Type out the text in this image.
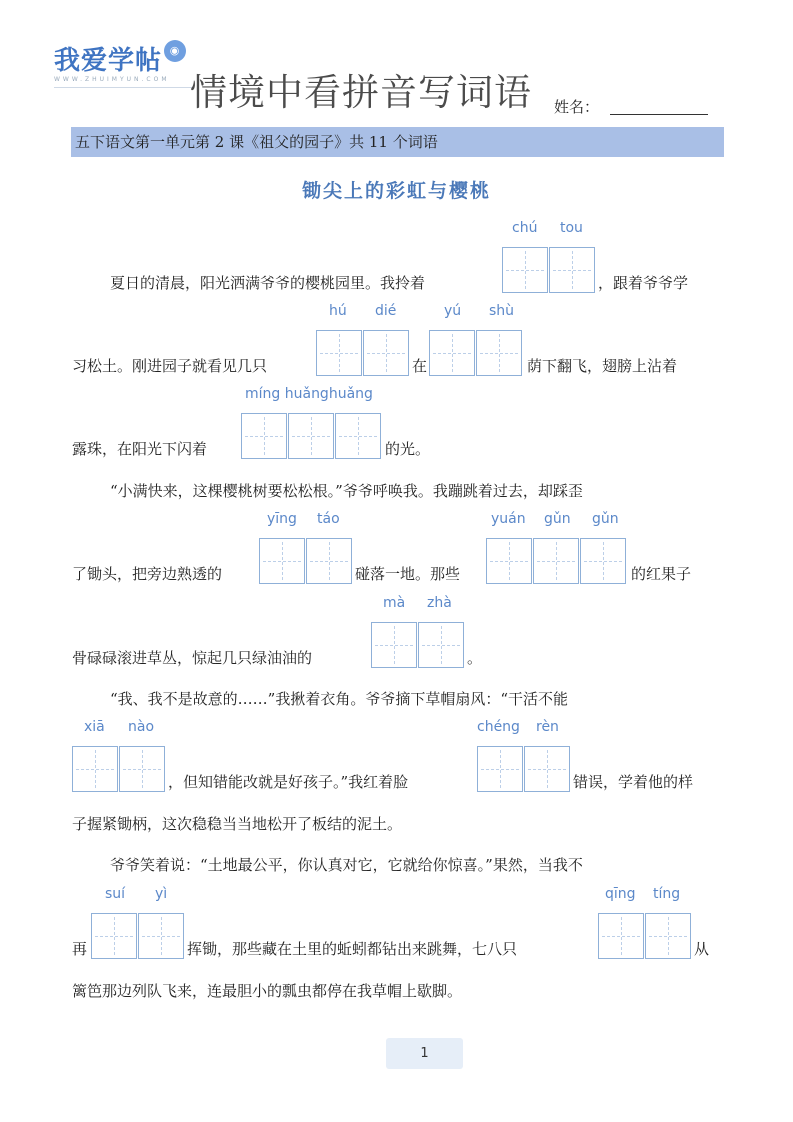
我爱学帖 ◉
WWW.ZHUIMYUN.COM 情境中看拼音写词语 姓名：
五下语文第一单元第 2 课《祖父的园子》共 11 个词语
锄尖上的彩虹与樱桃
夏日的清晨，阳光洒满爷爷的樱桃园里。我拎着	，跟着爷爷学
chú tou
习松土。刚进园子就看见几只	在	荫下翻飞，翅膀上沾着
hú dié	yú shù
露珠，在阳光下闪着	的光。
míng huǎnghuǎng
“小满快来，这棵樱桃树要松松根。”爷爷呼唤我。我蹦跳着过去，却踩歪
了锄头，把旁边熟透的	碰落一地。那些	的红果子
yīng táo	yuán gǔn gǔn
骨碌碌滚进草丛，惊起几只绿油油的	。
mà zhà
“我、我不是故意的……”我揪着衣角。爷爷摘下草帽扇风：“干活不能
，但知错能改就是好孩子。”我红着脸	错误，学着他的样
xiā nào	chéng rèn
子握紧锄柄，这次稳稳当当地松开了板结的泥土。
爷爷笑着说：“土地最公平，你认真对它，它就给你惊喜。”果然，当我不
再	挥锄，那些藏在土里的蚯蚓都钻出来跳舞，七八只	从
suí yì	qīng tíng
篱笆那边列队飞来，连最胆小的瓢虫都停在我草帽上歇脚。
1
